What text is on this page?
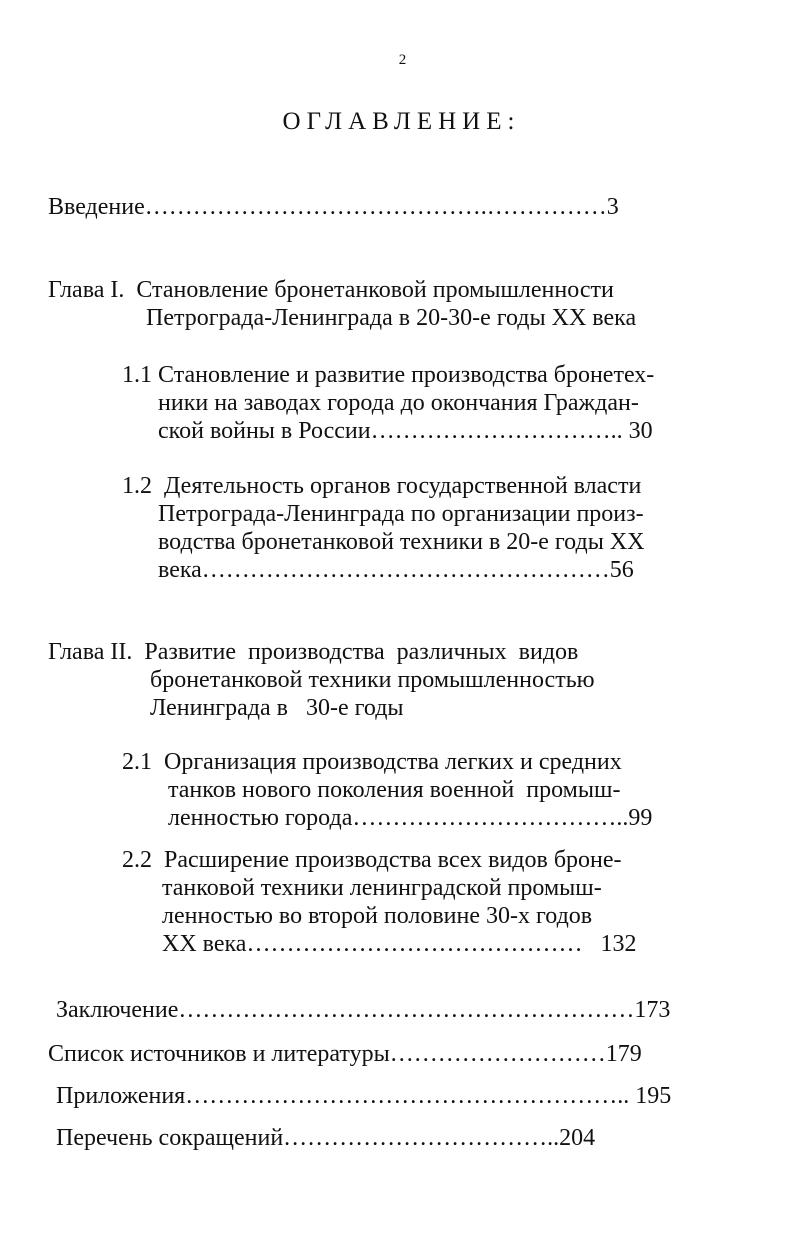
2
ОГЛАВЛЕНИЕ:
Введение…………………………………….……………3
Глава I.  Становление бронетанковой промышленности
Петрограда-Ленинграда в 20-30-е годы XX века
1.1 Становление и развитие производства бронетех-
ники на заводах города до окончания Граждан-
ской войны в России………………………….. 30
1.2  Деятельность органов государственной власти
Петрограда-Ленинграда по организации произ-
водства бронетанковой техники в 20-е годы XX
века……………………………………………56
Глава II.  Развитие  производства  различных  видов
бронетанковой техники промышленностью
Ленинграда в   30-е годы
2.1  Организация производства легких и средних
танков нового поколения военной  промыш-
ленностью города……………………………..99
2.2  Расширение производства всех видов броне-
танковой техники ленинградской промыш-
ленностью во второй половине 30-х годов
XX века……………………………………   132
Заключение…………………………………………………173
Список источников и литературы………………………179
Приложения……………………………………………….. 195
Перечень сокращений……………………………..204
